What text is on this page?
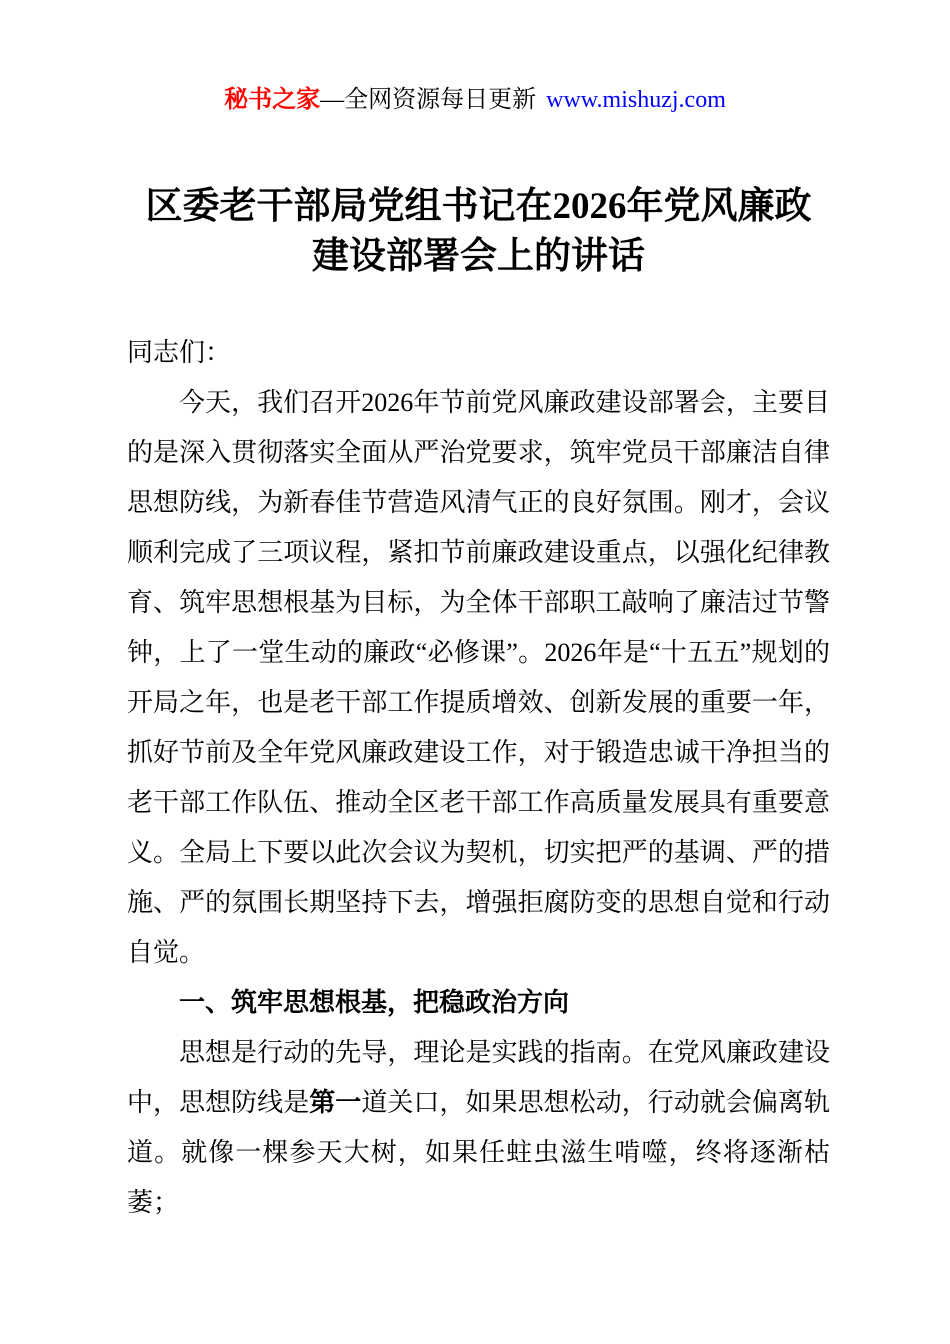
秘书之家—全网资源每日更新 www.mishuzj.com
区委老干部局党组书记在2026年党风廉政
建设部署会上的讲话

同志们：

今天，我们召开2026年节前党风廉政建设部署会，主要目的是深入贯彻落实全面从严治党要求，筑牢党员干部廉洁自律思想防线，为新春佳节营造风清气正的良好氛围。刚才，会议顺利完成了三项议程，紧扣节前廉政建设重点，以强化纪律教育、筑牢思想根基为目标，为全体干部职工敲响了廉洁过节警钟，上了一堂生动的廉政“必修课”。2026年是“十五五”规划的开局之年，也是老干部工作提质增效、创新发展的重要一年，抓好节前及全年党风廉政建设工作，对于锻造忠诚干净担当的老干部工作队伍、推动全区老干部工作高质量发展具有重要意义。全局上下要以此次会议为契机，切实把严的基调、严的措施、严的氛围长期坚持下去，增强拒腐防变的思想自觉和行动自觉。

一、筑牢思想根基，把稳政治方向

思想是行动的先导，理论是实践的指南。在党风廉政建设中，思想防线是第一道关口，如果思想松动，行动就会偏离轨道。就像一棵参天大树，如果任蛀虫滋生啃噬，终将逐渐枯萎；
